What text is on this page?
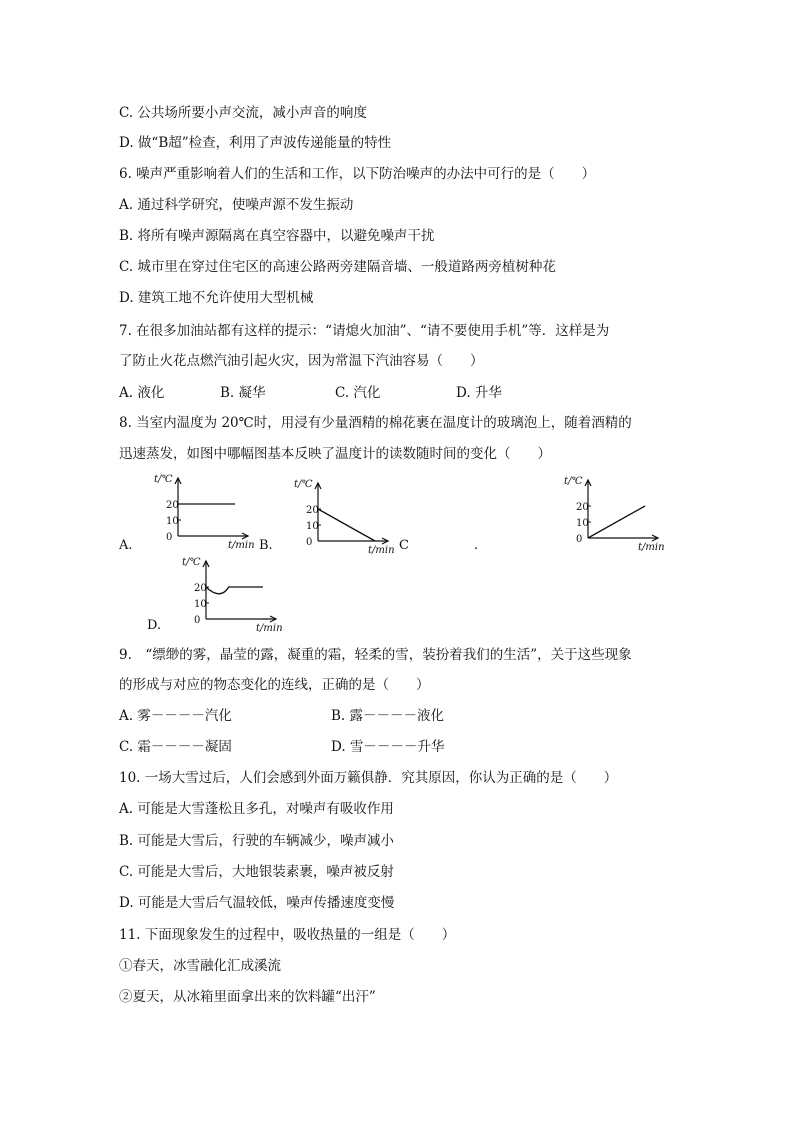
C. 公共场所要小声交流，减小声音的响度
D. 做“B超”检查，利用了声波传递能量的特性
6. 噪声严重影响着人们的生活和工作，以下防治噪声的办法中可行的是（　　）
A. 通过科学研究，使噪声源不发生振动
B. 将所有噪声源隔离在真空容器中，以避免噪声干扰
C. 城市里在穿过住宅区的高速公路两旁建隔音墙、一般道路两旁植树种花
D. 建筑工地不允许使用大型机械
7. 在很多加油站都有这样的提示：“请熄火加油”、“请不要使用手机”等．这样是为
了防止火花点燃汽油引起火灾，因为常温下汽油容易（　　）
A. 液化	B. 凝华	C. 汽化	D. 升华
8. 当室内温度为 20℃时，用浸有少量酒精的棉花裹在温度计的玻璃泡上，随着酒精的
迅速蒸发，如图中哪幅图基本反映了温度计的读数随时间的变化（　　）
A.	B.	C	.
D.
t/℃
t/min
20
10
0
t/℃
t/min
20
10
0
t/℃
t/min
20
10
0
t/℃
t/min
20
10
0
9.　“缥缈的雾，晶莹的露，凝重的霜，轻柔的雪，装扮着我们的生活”，关于这些现象
的形成与对应的物态变化的连线，正确的是（　　）
A. 雾－－－－汽化	B. 露－－－－液化
C. 霜－－－－凝固	D. 雪－－－－升华
10. 一场大雪过后，人们会感到外面万籁俱静．究其原因，你认为正确的是（　　）
A. 可能是大雪蓬松且多孔，对噪声有吸收作用
B. 可能是大雪后，行驶的车辆减少，噪声减小
C. 可能是大雪后，大地银装素裹，噪声被反射
D. 可能是大雪后气温较低，噪声传播速度变慢
11. 下面现象发生的过程中，吸收热量的一组是（　　）
①春天，冰雪融化汇成溪流
②夏天，从冰箱里面拿出来的饮料罐“出汗”
